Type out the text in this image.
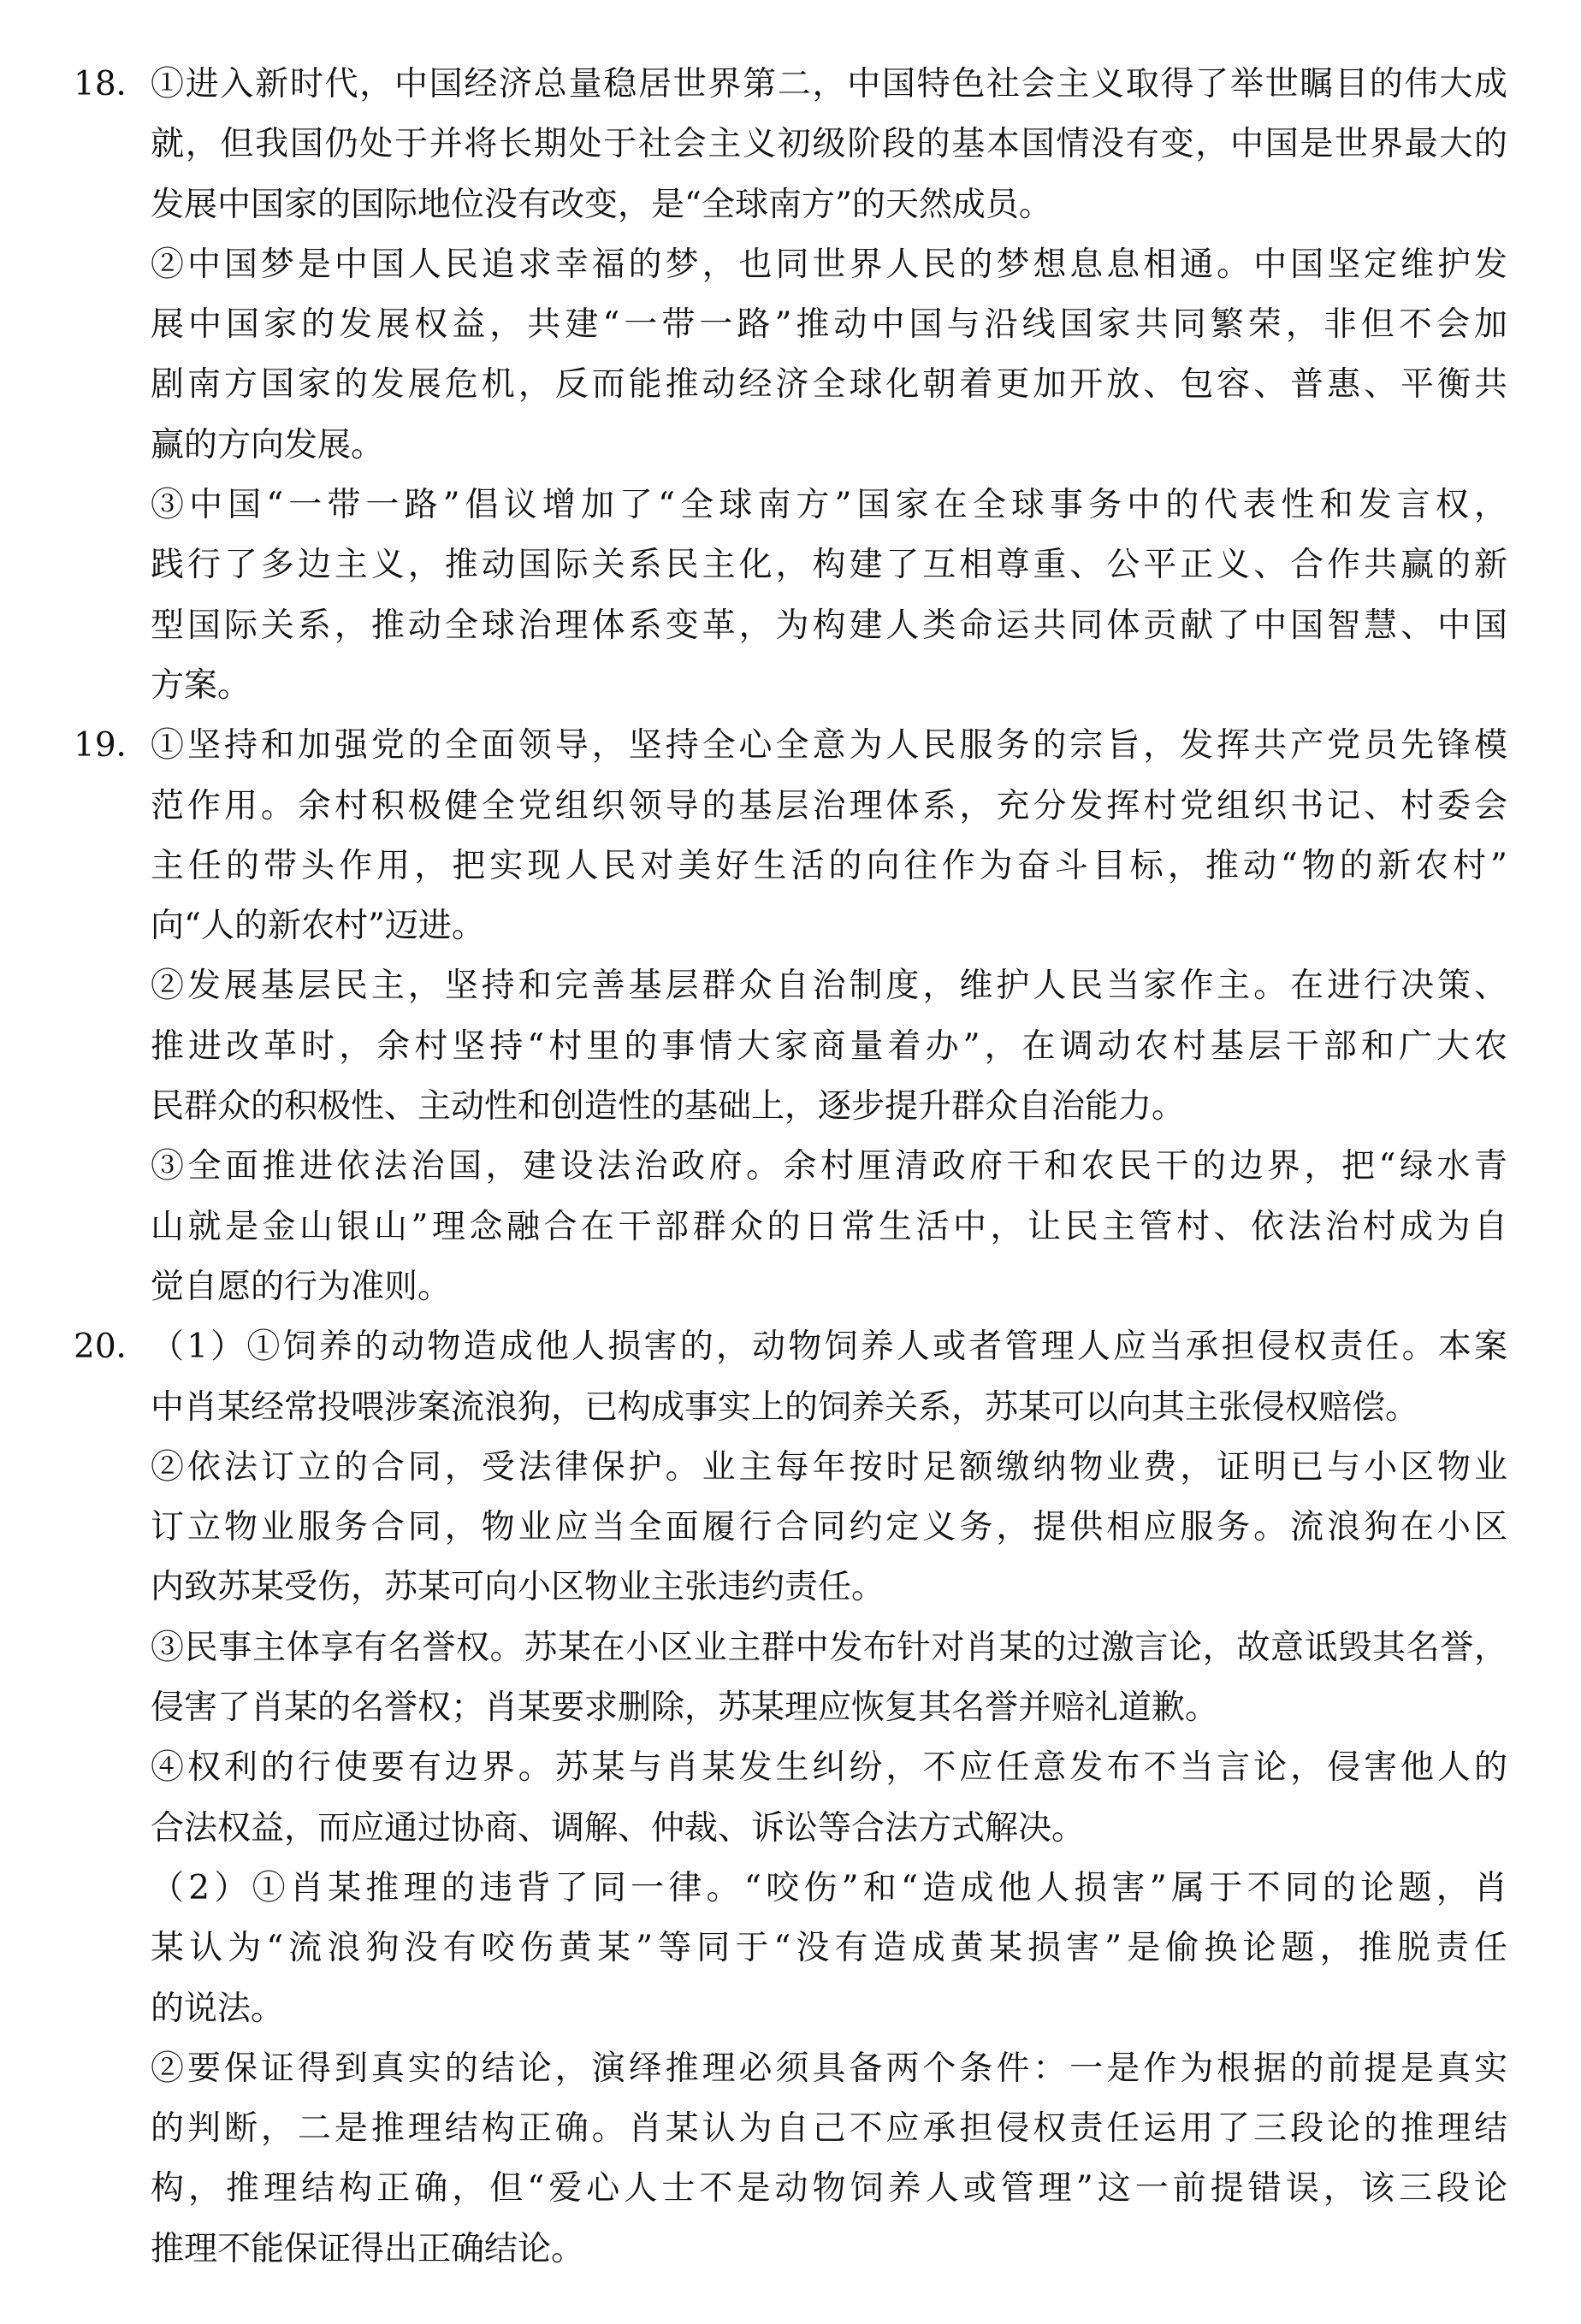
18． ①进入新时代，中国经济总量稳居世界第二，中国特色社会主义取得了举世瞩目的伟大成
就，但我国仍处于并将长期处于社会主义初级阶段的基本国情没有变，中国是世界最大的
发展中国家的国际地位没有改变，是“全球南方”的天然成员。
②中国梦是中国人民追求幸福的梦，也同世界人民的梦想息息相通。中国坚定维护发
展中国家的发展权益，共建“一带一路”推动中国与沿线国家共同繁荣，非但不会加
剧南方国家的发展危机，反而能推动经济全球化朝着更加开放、包容、普惠、平衡共
赢的方向发展。
③中国“一带一路”倡议增加了“全球南方”国家在全球事务中的代表性和发言权，
践行了多边主义，推动国际关系民主化，构建了互相尊重、公平正义、合作共赢的新
型国际关系，推动全球治理体系变革，为构建人类命运共同体贡献了中国智慧、中国
方案。
19． ①坚持和加强党的全面领导，坚持全心全意为人民服务的宗旨，发挥共产党员先锋模
范作用。余村积极健全党组织领导的基层治理体系，充分发挥村党组织书记、村委会
主任的带头作用，把实现人民对美好生活的向往作为奋斗目标，推动“物的新农村”
向“人的新农村”迈进。
②发展基层民主，坚持和完善基层群众自治制度，维护人民当家作主。在进行决策、
推进改革时，余村坚持“村里的事情大家商量着办”，在调动农村基层干部和广大农
民群众的积极性、主动性和创造性的基础上，逐步提升群众自治能力。
③全面推进依法治国，建设法治政府。余村厘清政府干和农民干的边界，把“绿水青
山就是金山银山”理念融合在干部群众的日常生活中，让民主管村、依法治村成为自
觉自愿的行为准则。
20． （1）①饲养的动物造成他人损害的，动物饲养人或者管理人应当承担侵权责任。本案
中肖某经常投喂涉案流浪狗，已构成事实上的饲养关系，苏某可以向其主张侵权赔偿。
②依法订立的合同，受法律保护。业主每年按时足额缴纳物业费，证明已与小区物业
订立物业服务合同，物业应当全面履行合同约定义务，提供相应服务。流浪狗在小区
内致苏某受伤，苏某可向小区物业主张违约责任。
③民事主体享有名誉权。苏某在小区业主群中发布针对肖某的过激言论，故意诋毁其名誉，
侵害了肖某的名誉权；肖某要求删除，苏某理应恢复其名誉并赔礼道歉。
④权利的行使要有边界。苏某与肖某发生纠纷，不应任意发布不当言论，侵害他人的
合法权益，而应通过协商、调解、仲裁、诉讼等合法方式解决。
（2）①肖某推理的违背了同一律。“咬伤”和“造成他人损害”属于不同的论题，肖
某认为“流浪狗没有咬伤黄某”等同于“没有造成黄某损害”是偷换论题，推脱责任
的说法。
②要保证得到真实的结论，演绎推理必须具备两个条件：一是作为根据的前提是真实
的判断，二是推理结构正确。肖某认为自己不应承担侵权责任运用了三段论的推理结
构，推理结构正确，但“爱心人士不是动物饲养人或管理”这一前提错误，该三段论
推理不能保证得出正确结论。
